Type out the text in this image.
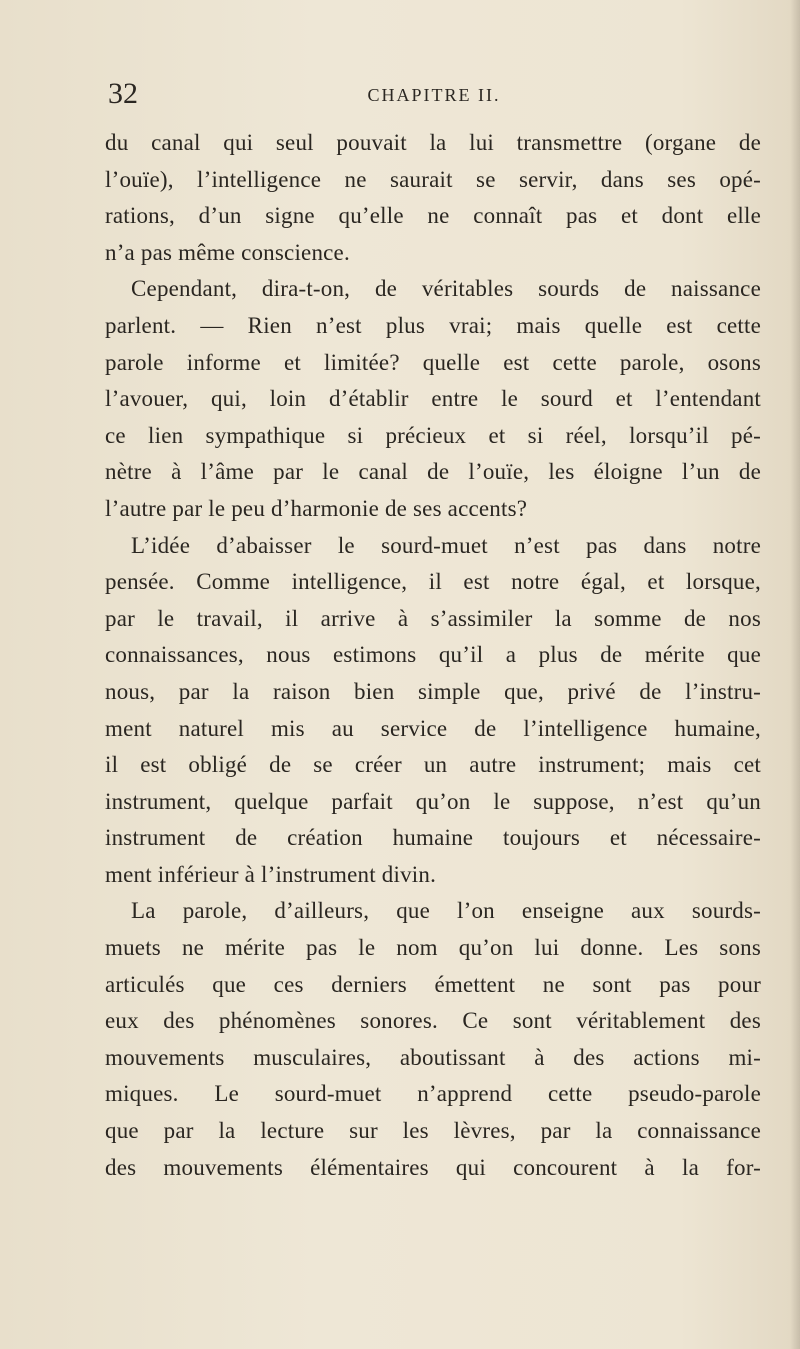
32	CHAPITRE II.
du canal qui seul pouvait la lui transmettre (organe de
l’ouïe), l’intelligence ne saurait se servir, dans ses opé-
rations, d’un signe qu’elle ne connaît pas et dont elle
n’a pas même conscience.
Cependant, dira-t-on, de véritables sourds de naissance
parlent. — Rien n’est plus vrai; mais quelle est cette
parole informe et limitée? quelle est cette parole, osons
l’avouer, qui, loin d’établir entre le sourd et l’entendant
ce lien sympathique si précieux et si réel, lorsqu’il pé-
nètre à l’âme par le canal de l’ouïe, les éloigne l’un de
l’autre par le peu d’harmonie de ses accents?
L’idée d’abaisser le sourd-muet n’est pas dans notre
pensée. Comme intelligence, il est notre égal, et lorsque,
par le travail, il arrive à s’assimiler la somme de nos
connaissances, nous estimons qu’il a plus de mérite que
nous, par la raison bien simple que, privé de l’instru-
ment naturel mis au service de l’intelligence humaine,
il est obligé de se créer un autre instrument; mais cet
instrument, quelque parfait qu’on le suppose, n’est qu’un
instrument de création humaine toujours et nécessaire-
ment inférieur à l’instrument divin.
La parole, d’ailleurs, que l’on enseigne aux sourds-
muets ne mérite pas le nom qu’on lui donne. Les sons
articulés que ces derniers émettent ne sont pas pour
eux des phénomènes sonores. Ce sont véritablement des
mouvements musculaires, aboutissant à des actions mi-
miques. Le sourd-muet n’apprend cette pseudo-parole
que par la lecture sur les lèvres, par la connaissance
des mouvements élémentaires qui concourent à la for-
